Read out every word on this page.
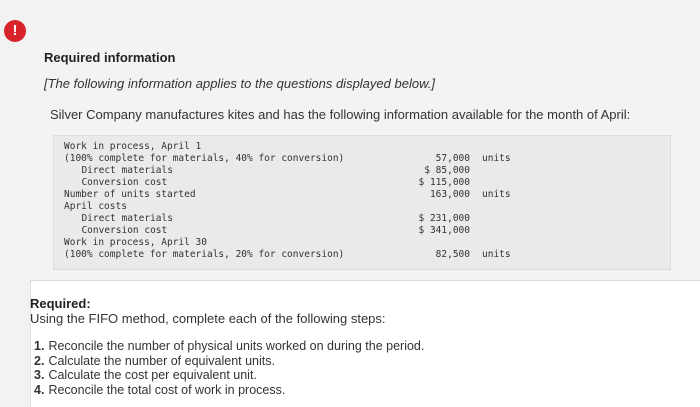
!
Required information
[The following information applies to the questions displayed below.]
Silver Company manufactures kites and has the following information available for the month of April:
Work in process, April 1
(100% complete for materials, 40% for conversion)	57,000 units
Direct materials	$ 85,000
Conversion cost	$ 115,000
Number of units started	163,000 units
April costs
Direct materials	$ 231,000
Conversion cost	$ 341,000
Work in process, April 30
(100% complete for materials, 20% for conversion)	82,500 units
Required:
Using the FIFO method, complete each of the following steps:
1. Reconcile the number of physical units worked on during the period.
2. Calculate the number of equivalent units.
3. Calculate the cost per equivalent unit.
4. Reconcile the total cost of work in process.
